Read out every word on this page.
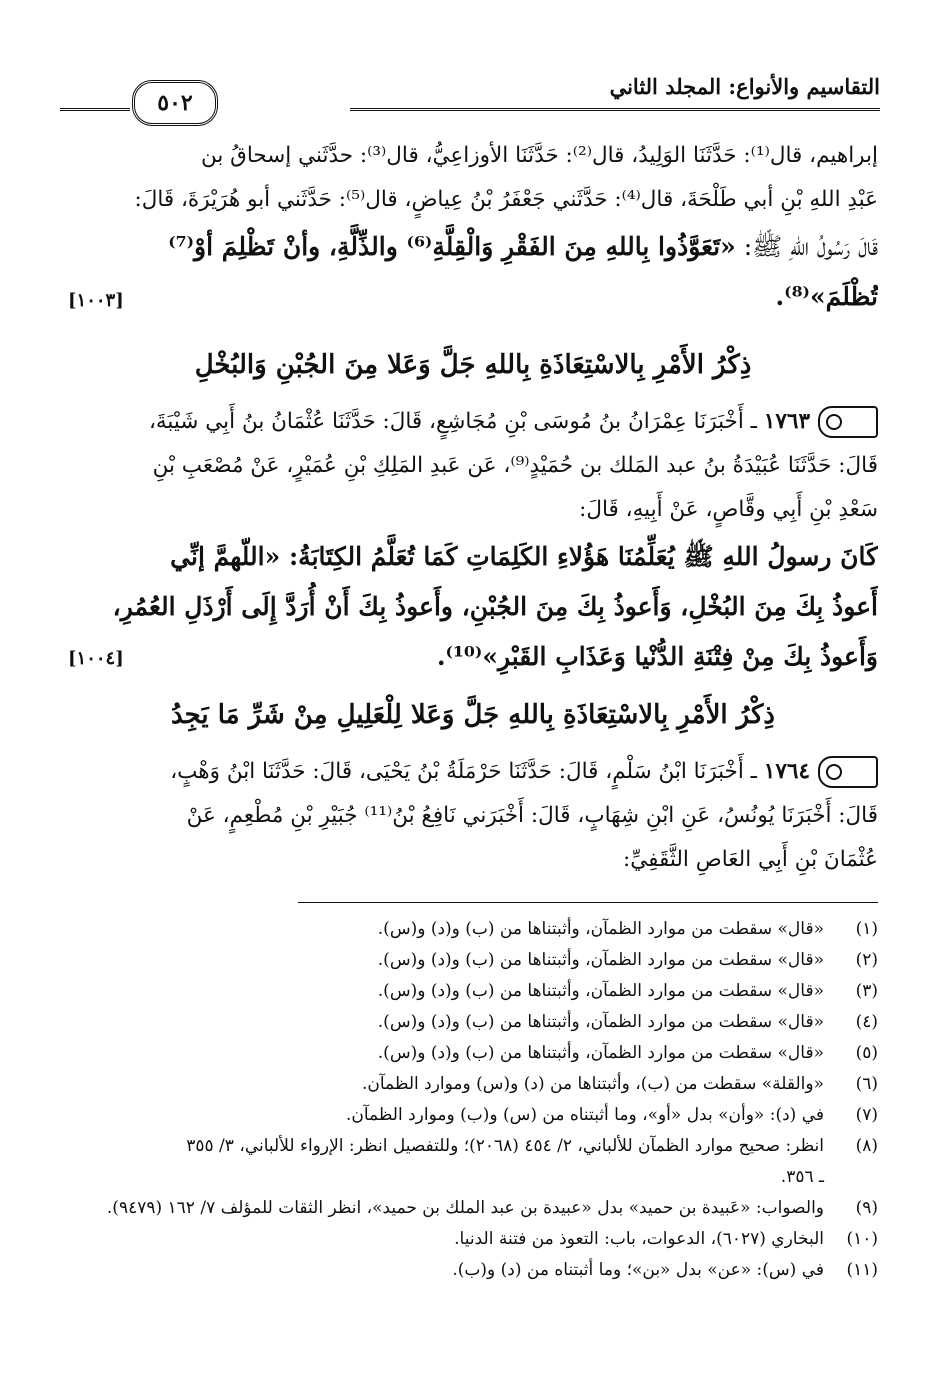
التقاسيم والأنواع: المجلد الثاني
٥٠٢
إبراهيم، قال⁽¹⁾: حَدَّثَنَا الوَلِيدُ، قال⁽²⁾: حَدَّثَنَا الأوزاعِيُّ، قال⁽³⁾: حدَّثَني إسحاقُ بن
عَبْدِ اللهِ بْنِ أبي طَلْحَةَ، قال⁽⁴⁾: حَدَّثَني جَعْفَرُ بْنُ عِياضٍ، قال⁽⁵⁾: حَدَّثَني أبو هُرَيْرَةَ، قَالَ:
قَالَ رَسُولُ اللهِ ﷺ: «تَعَوَّذُوا بِاللهِ مِنَ الفَقْرِ وَالْقِلَّةِ⁽⁶⁾ والذِّلَّةِ، وأنْ تَظْلِمَ أوْ⁽⁷⁾
تُظْلَمَ»⁽⁸⁾.
[١٠٠٣]
ذِكْرُ الأَمْرِ بِالاسْتِعَاذَةِ بِاللهِ جَلَّ وَعَلا مِنَ الجُبْنِ وَالبُخْلِ
١٧٦٣ ـ أَخْبَرَنَا عِمْرَانُ بنُ مُوسَى بْنِ مُجَاشِعٍ، قَالَ: حَدَّثَنَا عُثْمَانُ بنُ أَبِي شَيْبَةَ،
قَالَ: حَدَّثَنَا عُبَيْدَةُ بنُ عبد المَلك بن حُمَيْدٍ⁽⁹⁾، عَن عَبدِ المَلِكِ بْنِ عُمَيْرٍ، عَنْ مُصْعَبِ بْنِ
سَعْدِ بْنِ أَبِي وقَّاصٍ، عَنْ أَبِيهِ، قَالَ:
كَانَ رسولُ اللهِ ﷺ يُعَلِّمُنَا هَؤُلاءِ الكَلِمَاتِ كَمَا تُعَلَّمُ الكِتَابَةُ: «اللّهمَّ إنِّي
أَعوذُ بِكَ مِنَ البُخْلِ، وَأَعوذُ بِكَ مِنَ الجُبْنِ، وأَعوذُ بِكَ أَنْ أُرَدَّ إِلَى أَرْذَلِ العُمُرِ،
وَأَعوذُ بِكَ مِنْ فِتْنَةِ الدُّنْيا وَعَذَابِ القَبْرِ»⁽¹⁰⁾.
[١٠٠٤]
ذِكْرُ الأَمْرِ بِالاسْتِعَاذَةِ بِاللهِ جَلَّ وَعَلا لِلْعَلِيلِ مِنْ شَرِّ مَا يَجِدُ
١٧٦٤ ـ أَخْبَرَنَا ابْنُ سَلْمٍ، قَالَ: حَدَّثَنَا حَرْمَلَةُ بْنُ يَحْيَى، قَالَ: حَدَّثَنَا ابْنُ وَهْبٍ،
قَالَ: أَخْبَرَنَا يُونُسُ، عَنِ ابْنِ شِهَابٍ، قَالَ: أَخْبَرَني نَافِعُ بْنُ⁽¹¹⁾ جُبَيْرِ بْنِ مُطْعِمٍ، عَنْ
عُثْمَانَ بْنِ أَبِي العَاصِ الثَّقَفِيِّ:
(١)«قال» سقطت من موارد الظمآن، وأثبتناها من (ب) و(د) و(س).
(٢)«قال» سقطت من موارد الظمآن، وأثبتناها من (ب) و(د) و(س).
(٣)«قال» سقطت من موارد الظمآن، وأثبتناها من (ب) و(د) و(س).
(٤)«قال» سقطت من موارد الظمآن، وأثبتناها من (ب) و(د) و(س).
(٥)«قال» سقطت من موارد الظمآن، وأثبتناها من (ب) و(د) و(س).
(٦)«والقلة» سقطت من (ب)، وأثبتناها من (د) و(س) وموارد الظمآن.
(٧)في (د): «وأن» بدل «أو»، وما أثبتناه من (س) و(ب) وموارد الظمآن.
(٨)انظر: صحيح موارد الظمآن للألباني، ٢/ ٤٥٤ (٢٠٦٨)؛ وللتفصيل انظر: الإرواء للألباني، ٣/ ٣٥٥
ـ ٣٥٦.
(٩)والصواب: «عَبيدة بن حميد» بدل «عبيدة بن عبد الملك بن حميد»، انظر الثقات للمؤلف ٧/ ١٦٢ (٩٤٧٩).
(١٠)البخاري (٦٠٢٧)، الدعوات، باب: التعوذ من فتنة الدنيا.
(١١)في (س): «عن» بدل «بن»؛ وما أثبتناه من (د) و(ب).
